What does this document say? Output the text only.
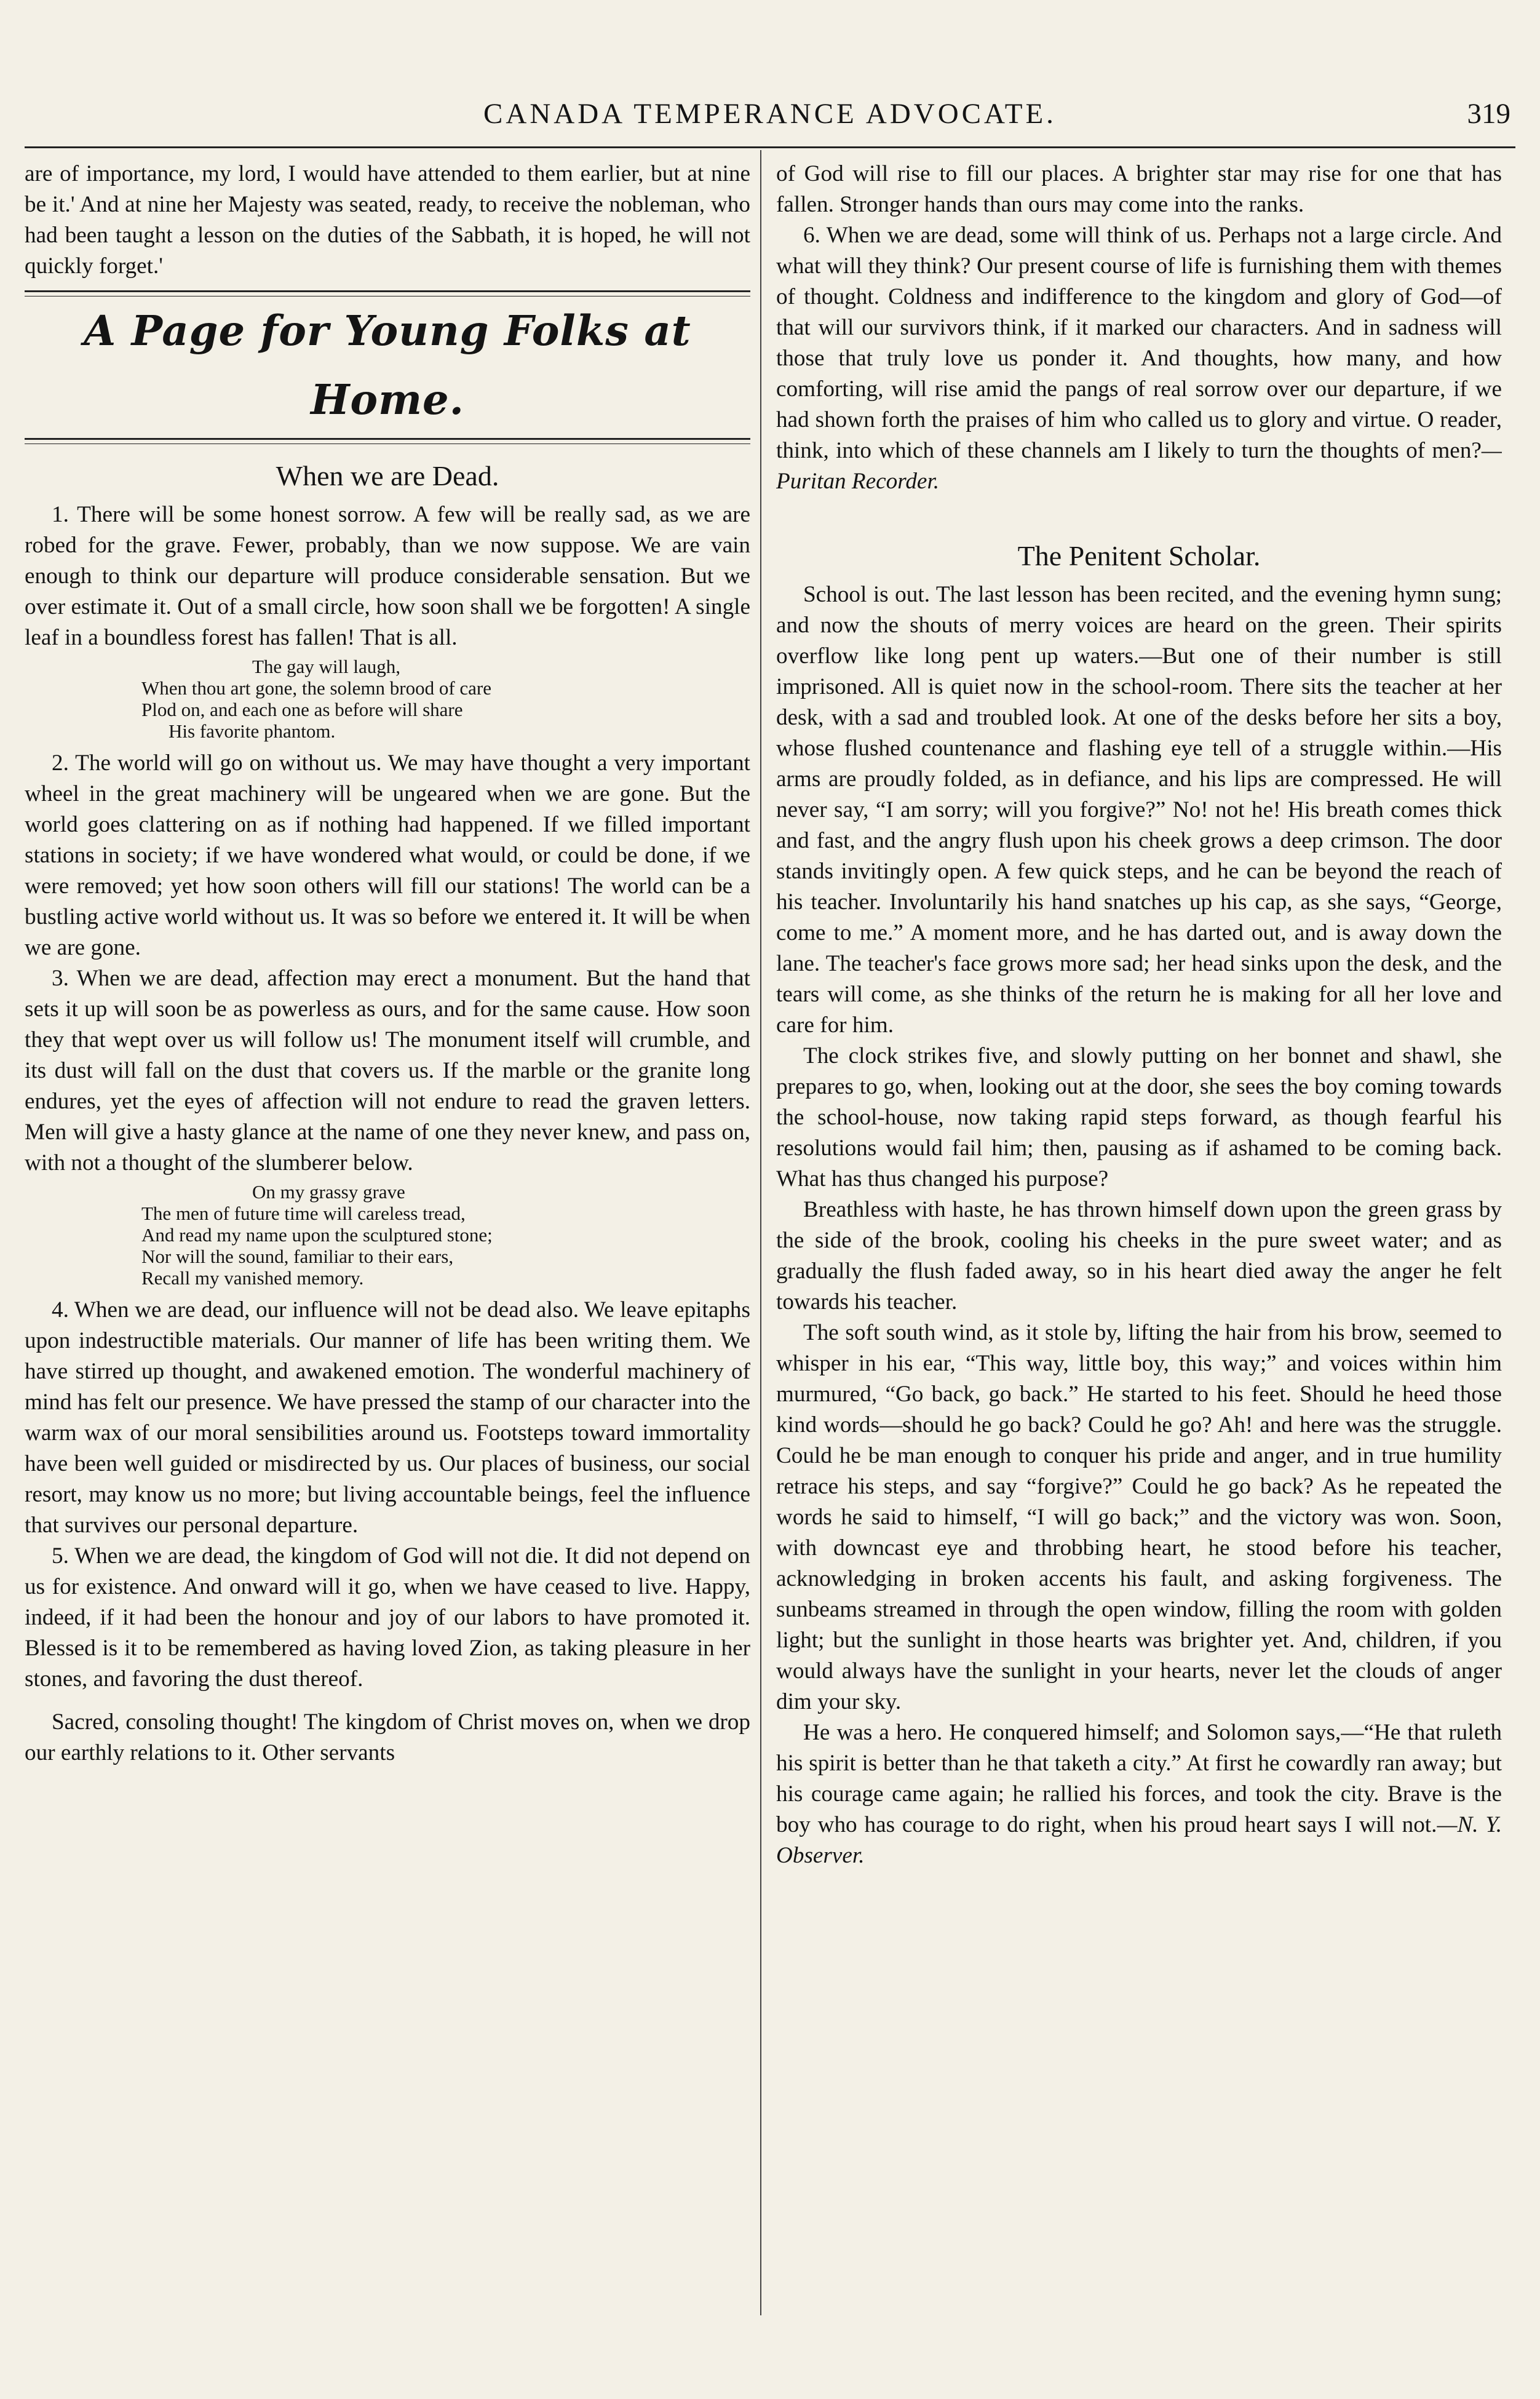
CANADA TEMPERANCE ADVOCATE.	319

are of importance, my lord, I would have attended to them earlier, but at nine be it.' And at nine her Majesty was seated, ready, to receive the nobleman, who had been taught a lesson on the duties of the Sabbath, it is hoped, he will not quickly forget.'

A Page for Young Folks at Home.
When we are Dead.

1. There will be some honest sorrow. A few will be really sad, as we are robed for the grave. Fewer, probably, than we now suppose. We are vain enough to think our departure will produce considerable sensation. But we over estimate it. Out of a small circle, how soon shall we be forgotten! A single leaf in a boundless forest has fallen! That is all.

The gay will laugh,
When thou art gone, the solemn brood of care
Plod on, and each one as before will share
His favorite phantom.

2. The world will go on without us. We may have thought a very important wheel in the great machinery will be ungeared when we are gone. But the world goes clattering on as if nothing had happened. If we filled important stations in society; if we have wondered what would, or could be done, if we were removed; yet how soon others will fill our stations! The world can be a bustling active world without us. It was so before we entered it. It will be when we are gone.

3. When we are dead, affection may erect a monument. But the hand that sets it up will soon be as powerless as ours, and for the same cause. How soon they that wept over us will follow us! The monument itself will crumble, and its dust will fall on the dust that covers us. If the marble or the granite long endures, yet the eyes of affection will not endure to read the graven letters. Men will give a hasty glance at the name of one they never knew, and pass on, with not a thought of the slumberer below.

On my grassy grave
The men of future time will careless tread,
And read my name upon the sculptured stone;
Nor will the sound, familiar to their ears,
Recall my vanished memory.

4. When we are dead, our influence will not be dead also. We leave epitaphs upon indestructible materials. Our manner of life has been writing them. We have stirred up thought, and awakened emotion. The wonderful machinery of mind has felt our presence. We have pressed the stamp of our character into the warm wax of our moral sensibilities around us. Footsteps toward immortality have been well guided or misdirected by us. Our places of business, our social resort, may know us no more; but living accountable beings, feel the influence that survives our personal departure.

5. When we are dead, the kingdom of God will not die. It did not depend on us for existence. And onward will it go, when we have ceased to live. Happy, indeed, if it had been the honour and joy of our labors to have promoted it. Blessed is it to be remembered as having loved Zion, as taking pleasure in her stones, and favoring the dust thereof.

Sacred, consoling thought! The kingdom of Christ moves on, when we drop our earthly relations to it. Other servants

of God will rise to fill our places. A brighter star may rise for one that has fallen. Stronger hands than ours may come into the ranks.

6. When we are dead, some will think of us. Perhaps not a large circle. And what will they think? Our present course of life is furnishing them with themes of thought. Coldness and indifference to the kingdom and glory of God—of that will our survivors think, if it marked our characters. And in sadness will those that truly love us ponder it. And thoughts, how many, and how comforting, will rise amid the pangs of real sorrow over our departure, if we had shown forth the praises of him who called us to glory and virtue. O reader, think, into which of these channels am I likely to turn the thoughts of men?—Puritan Recorder.

The Penitent Scholar.

School is out. The last lesson has been recited, and the evening hymn sung; and now the shouts of merry voices are heard on the green. Their spirits overflow like long pent up waters.—But one of their number is still imprisoned. All is quiet now in the school-room. There sits the teacher at her desk, with a sad and troubled look. At one of the desks before her sits a boy, whose flushed countenance and flashing eye tell of a struggle within.—His arms are proudly folded, as in defiance, and his lips are compressed. He will never say, “I am sorry; will you forgive?” No! not he! His breath comes thick and fast, and the angry flush upon his cheek grows a deep crimson. The door stands invitingly open. A few quick steps, and he can be beyond the reach of his teacher. Involuntarily his hand snatches up his cap, as she says, “George, come to me.” A moment more, and he has darted out, and is away down the lane. The teacher's face grows more sad; her head sinks upon the desk, and the tears will come, as she thinks of the return he is making for all her love and care for him.

The clock strikes five, and slowly putting on her bonnet and shawl, she prepares to go, when, looking out at the door, she sees the boy coming towards the school-house, now taking rapid steps forward, as though fearful his resolutions would fail him; then, pausing as if ashamed to be coming back. What has thus changed his purpose?

Breathless with haste, he has thrown himself down upon the green grass by the side of the brook, cooling his cheeks in the pure sweet water; and as gradually the flush faded away, so in his heart died away the anger he felt towards his teacher.

The soft south wind, as it stole by, lifting the hair from his brow, seemed to whisper in his ear, “This way, little boy, this way;” and voices within him murmured, “Go back, go back.” He started to his feet. Should he heed those kind words—should he go back? Could he go? Ah! and here was the struggle. Could he be man enough to conquer his pride and anger, and in true humility retrace his steps, and say “forgive?” Could he go back? As he repeated the words he said to himself, “I will go back;” and the victory was won. Soon, with downcast eye and throbbing heart, he stood before his teacher, acknowledging in broken accents his fault, and asking forgiveness. The sunbeams streamed in through the open window, filling the room with golden light; but the sunlight in those hearts was brighter yet. And, children, if you would always have the sunlight in your hearts, never let the clouds of anger dim your sky.

He was a hero. He conquered himself; and Solomon says,—“He that ruleth his spirit is better than he that taketh a city.” At first he cowardly ran away; but his courage came again; he rallied his forces, and took the city. Brave is the boy who has courage to do right, when his proud heart says I will not.—N. Y. Observer.
